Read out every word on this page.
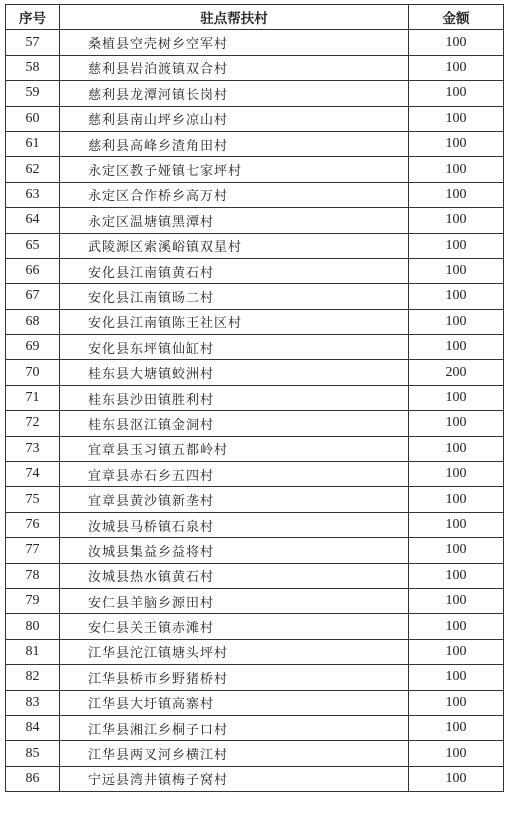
序号	驻点帮扶村	金额
57	桑植县空壳树乡空军村	100
58	慈利县岩泊渡镇双合村	100
59	慈利县龙潭河镇长岗村	100
60	慈利县南山坪乡凉山村	100
61	慈利县高峰乡渣角田村	100
62	永定区教子娅镇七家坪村	100
63	永定区合作桥乡高万村	100
64	永定区温塘镇黑潭村	100
65	武陵源区索溪峪镇双星村	100
66	安化县江南镇黄石村	100
67	安化县江南镇旸二村	100
68	安化县江南镇陈王社区村	100
69	安化县东坪镇仙缸村	100
70	桂东县大塘镇蛟洲村	200
71	桂东县沙田镇胜利村	100
72	桂东县沤江镇金洞村	100
73	宜章县玉习镇五都岭村	100
74	宜章县赤石乡五四村	100
75	宜章县黄沙镇新垄村	100
76	汝城县马桥镇石泉村	100
77	汝城县集益乡益将村	100
78	汝城县热水镇黄石村	100
79	安仁县羊脑乡源田村	100
80	安仁县关王镇赤滩村	100
81	江华县沱江镇塘头坪村	100
82	江华县桥市乡野猪桥村	100
83	江华县大圩镇高寨村	100
84	江华县湘江乡桐子口村	100
85	江华县两叉河乡横江村	100
86	宁远县湾井镇梅子窝村	100
